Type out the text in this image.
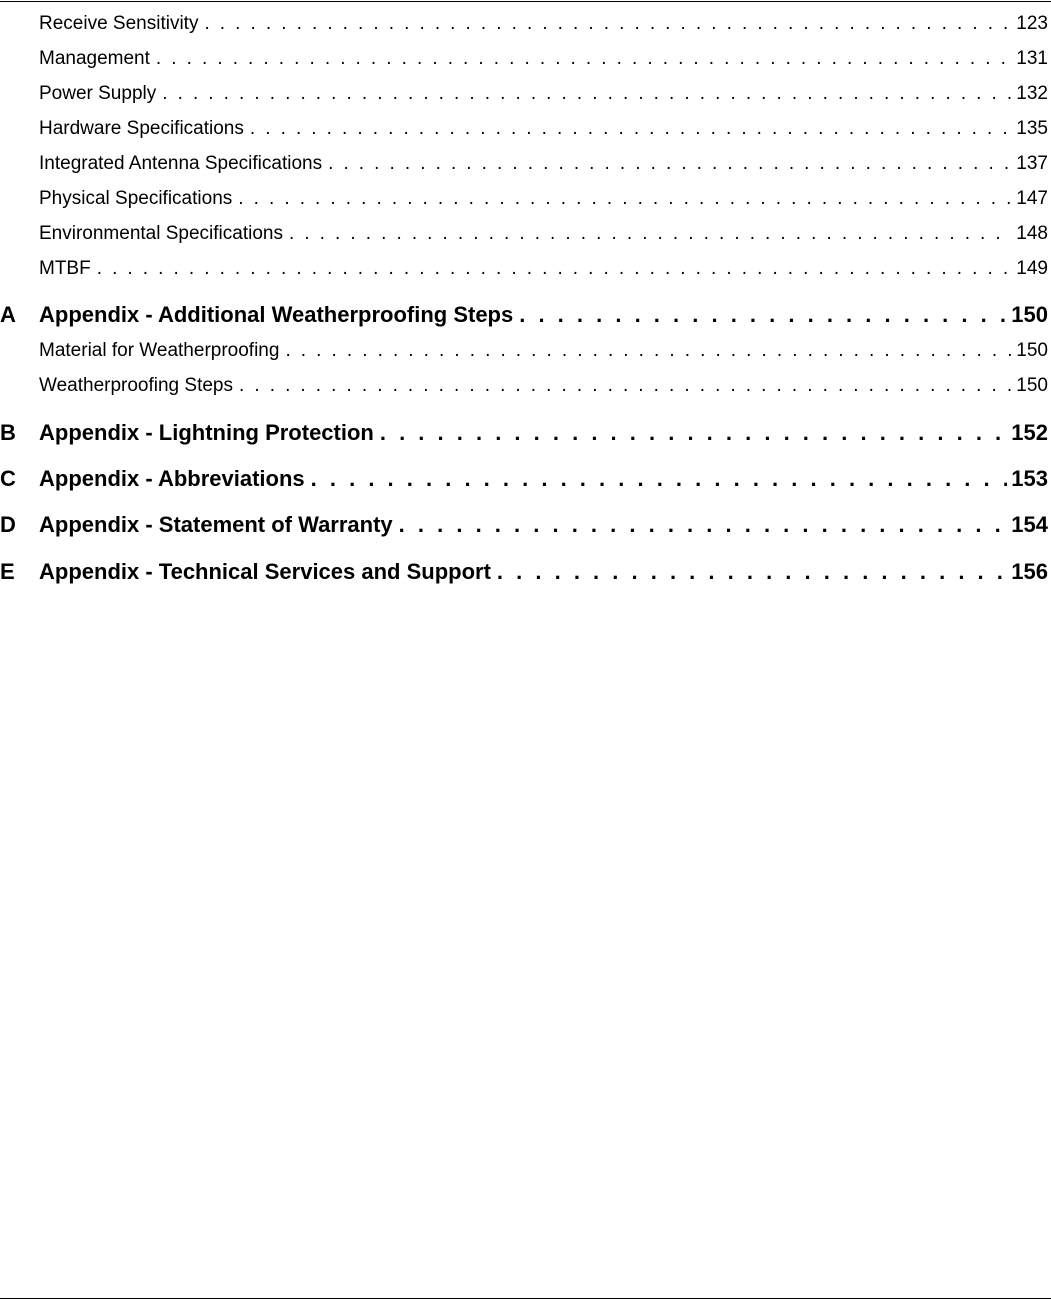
Receive Sensitivity . . .	123
Management . . .	131
Power Supply . . .	132
Hardware Specifications . . .	135
Integrated Antenna Specifications . . .	137
Physical Specifications . . .	147
Environmental Specifications . . .	148
MTBF . . .	149
A	Appendix - Additional Weatherproofing Steps . . .	150
Material for Weatherproofing . . .	150
Weatherproofing Steps . . .	150
B	Appendix - Lightning Protection . . .	152
C	Appendix - Abbreviations . . .	153
D	Appendix - Statement of Warranty . . .	154
E	Appendix - Technical Services and Support . . .	156
